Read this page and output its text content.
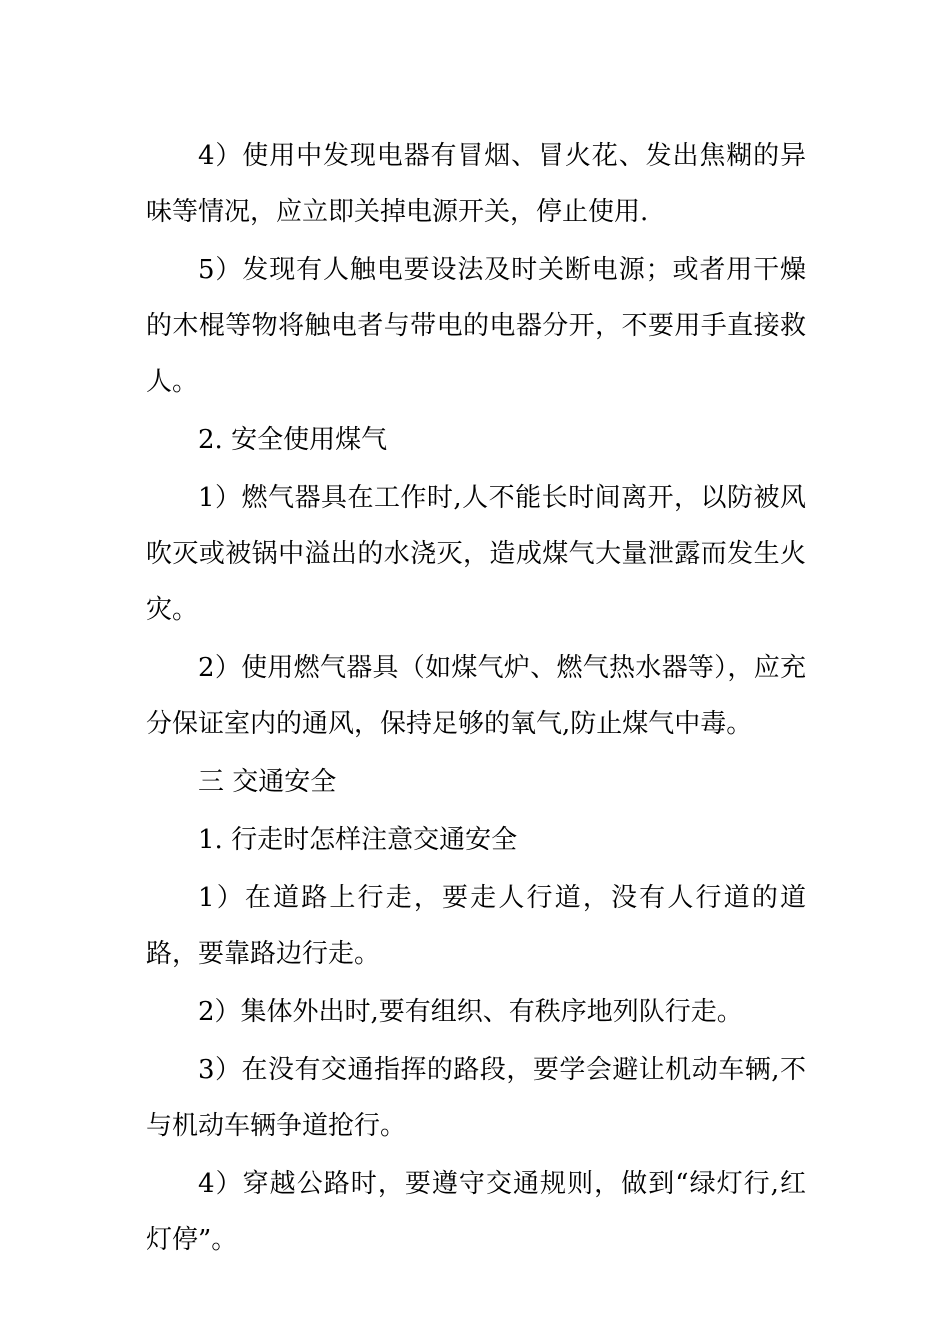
4）使用中发现电器有冒烟、冒火花、发出焦糊的异味等情况，应立即关掉电源开关，停止使用.

5）发现有人触电要设法及时关断电源；或者用干燥的木棍等物将触电者与带电的电器分开，不要用手直接救人。

2. 安全使用煤气

1）燃气器具在工作时,人不能长时间离开，以防被风吹灭或被锅中溢出的水浇灭，造成煤气大量泄露而发生火灾。

2）使用燃气器具（如煤气炉、燃气热水器等），应充分保证室内的通风，保持足够的氧气,防止煤气中毒。

三 交通安全

1. 行走时怎样注意交通安全

1）在道路上行走，要走人行道，没有人行道的道路，要靠路边行走。

2）集体外出时,要有组织、有秩序地列队行走。

3）在没有交通指挥的路段，要学会避让机动车辆,不与机动车辆争道抢行。

4）穿越公路时，要遵守交通规则，做到“绿灯行,红灯停”。
